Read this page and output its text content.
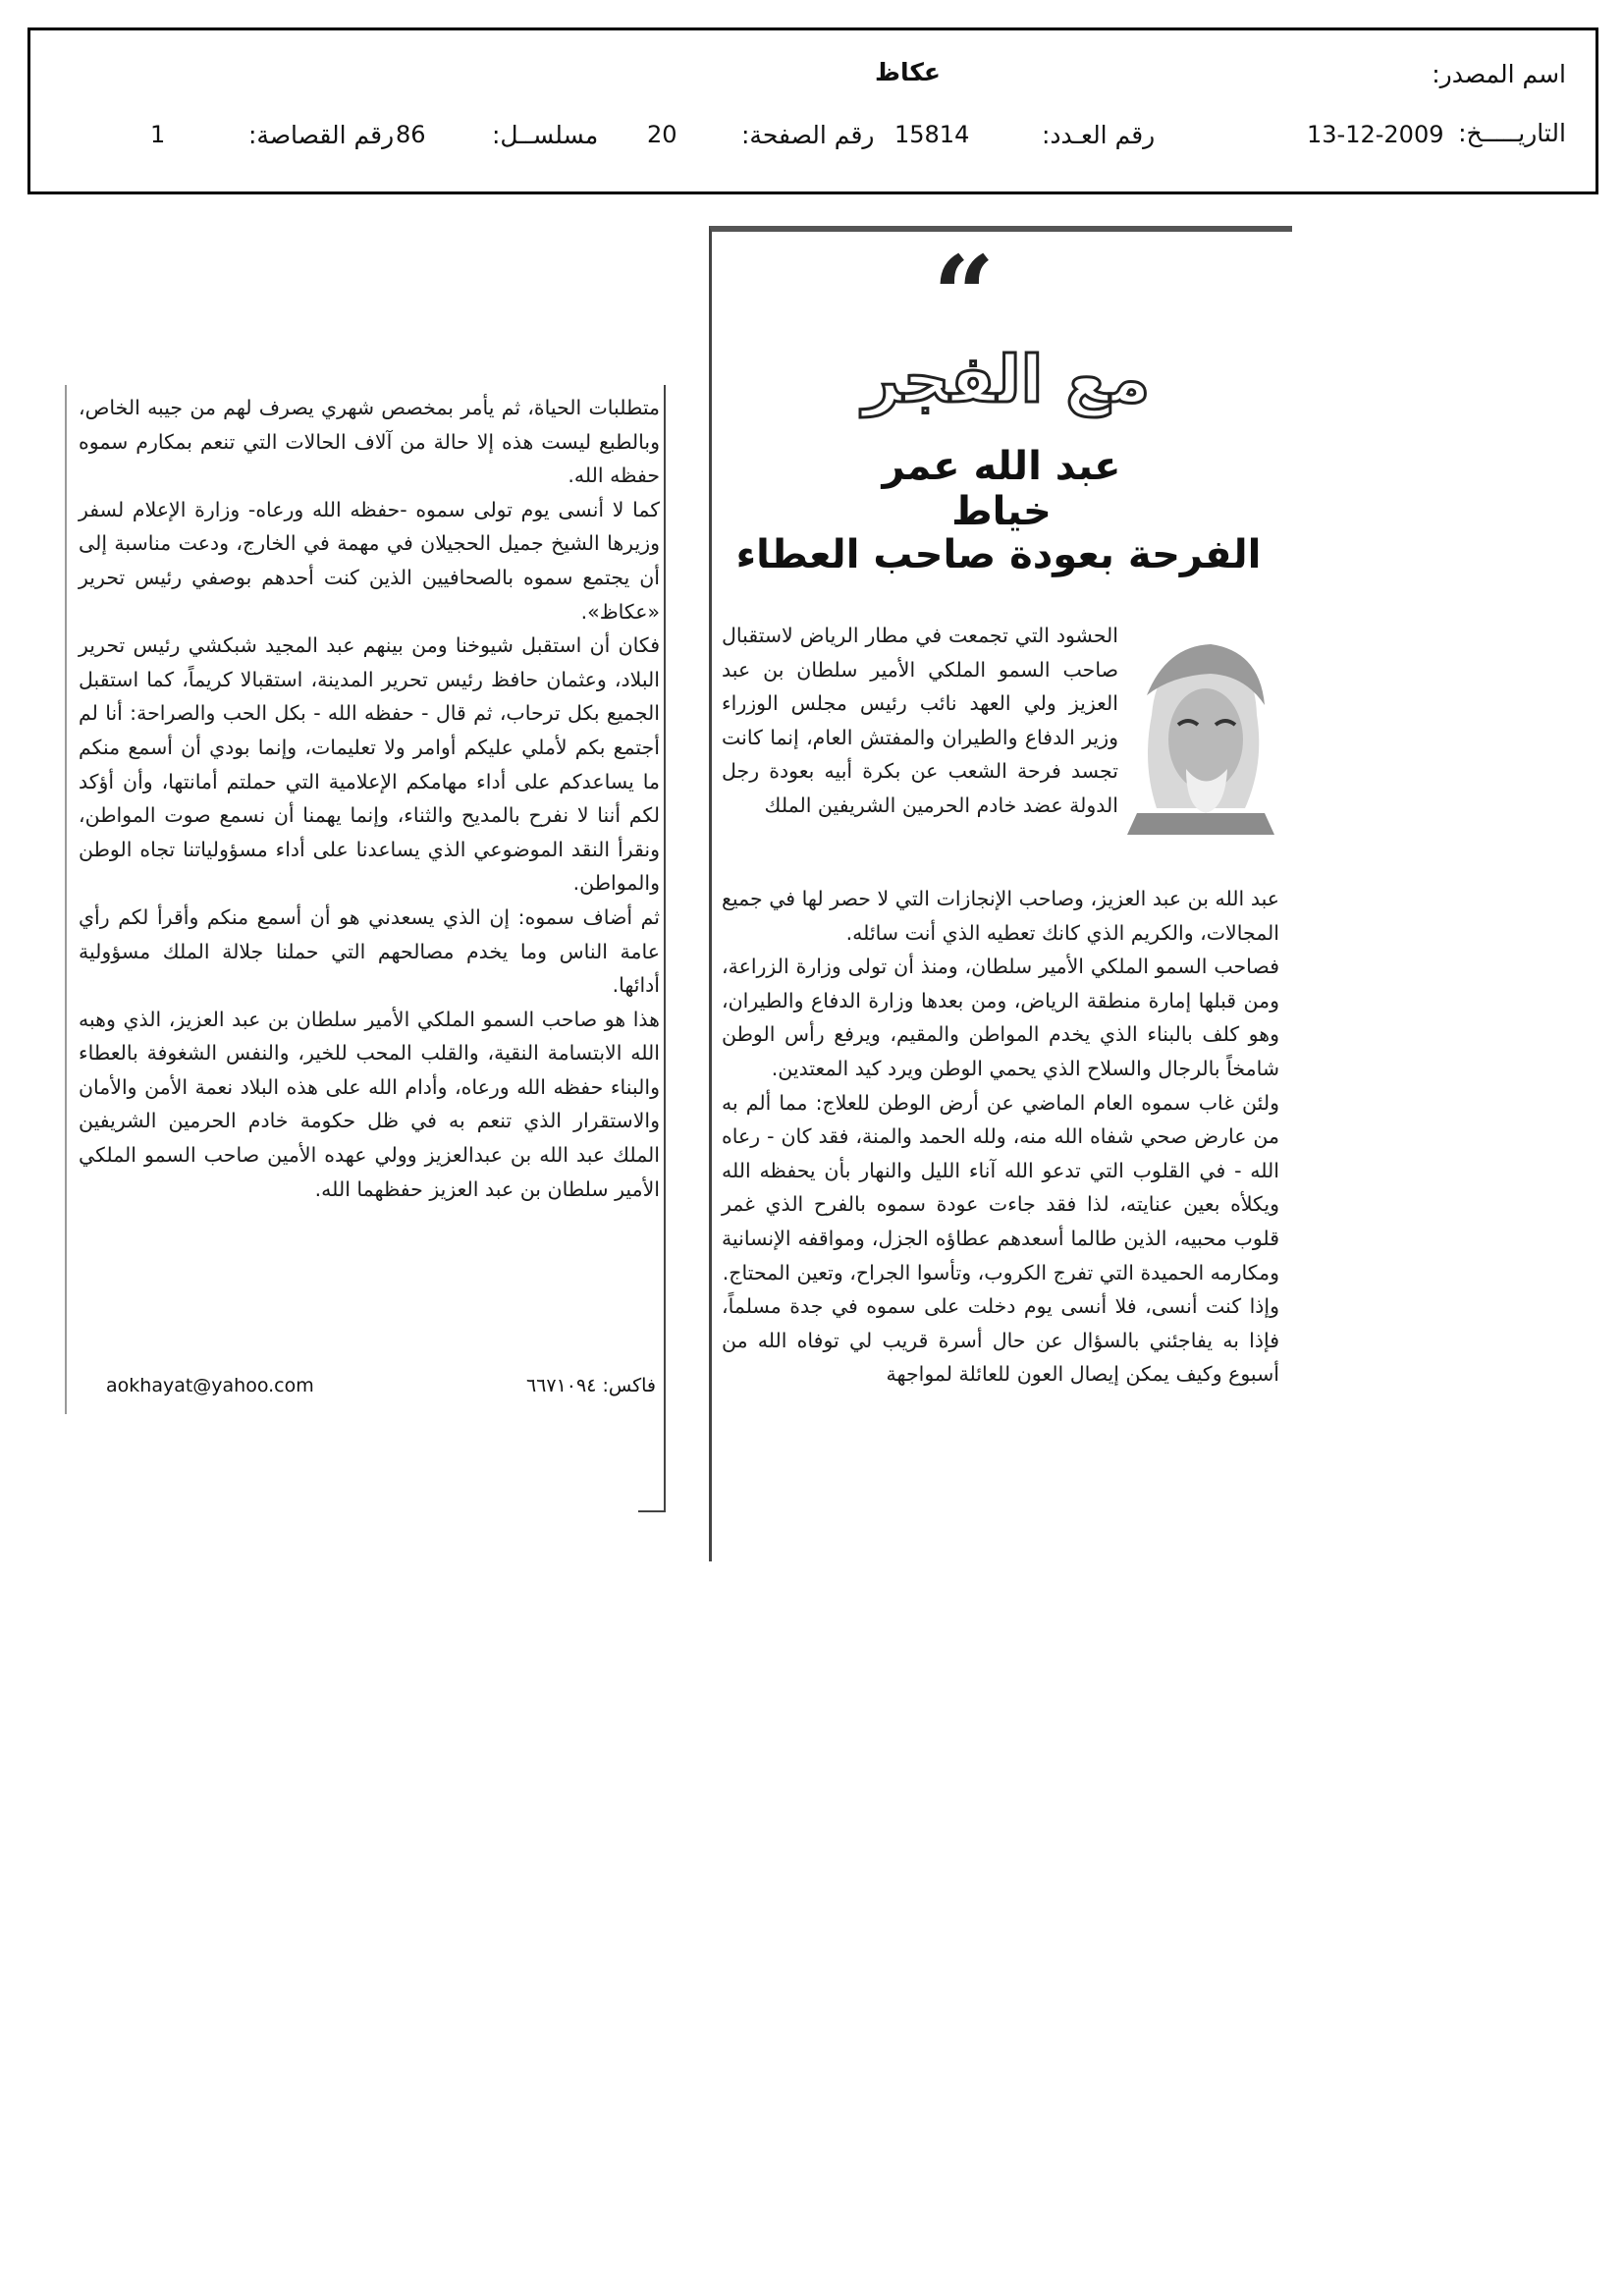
اسم المصدر:
عكاظ
التاريـــــخ:
13-12-2009
رقم العـدد:
15814
رقم الصفحة:
20
مسلســل:
86
رقم القصاصة:
1
“
مع الفجر
عبد الله عمر خياط
الفرحة بعودة صاحب العطاء

الحشود التي تجمعت في مطار الرياض لاستقبال صاحب السمو الملكي الأمير سلطان بن عبد العزيز ولي العهد نائب رئيس مجلس الوزراء وزير الدفاع والطيران والمفتش العام، إنما كانت تجسد فرحة الشعب عن بكرة أبيه بعودة رجل الدولة عضد خادم الحرمين الشريفين الملك

عبد الله بن عبد العزيز، وصاحب الإنجازات التي لا حصر لها في جميع المجالات، والكريم الذي كانك تعطيه الذي أنت سائله.

فصاحب السمو الملكي الأمير سلطان، ومنذ أن تولى وزارة الزراعة، ومن قبلها إمارة منطقة الرياض، ومن بعدها وزارة الدفاع والطيران، وهو كلف بالبناء الذي يخدم المواطن والمقيم، ويرفع رأس الوطن شامخاً بالرجال والسلاح الذي يحمي الوطن ويرد كيد المعتدين.

ولئن غاب سموه العام الماضي عن أرض الوطن للعلاج: مما ألم به من عارض صحي شفاه الله منه، ولله الحمد والمنة، فقد كان - رعاه الله - في القلوب التي تدعو الله آناء الليل والنهار بأن يحفظه الله ويكلأه بعين عنايته، لذا فقد جاءت عودة سموه بالفرح الذي غمر قلوب محبيه، الذين طالما أسعدهم عطاؤه الجزل، ومواقفه الإنسانية ومكارمه الحميدة التي تفرج الكروب، وتأسوا الجراح، وتعين المحتاج.

وإذا كنت أنسى، فلا أنسى يوم دخلت على سموه في جدة مسلماً، فإذا به يفاجئني بالسؤال عن حال أسرة قريب لي توفاه الله من أسبوع وكيف يمكن إيصال العون للعائلة لمواجهة

متطلبات الحياة، ثم يأمر بمخصص شهري يصرف لهم من جيبه الخاص، وبالطبع ليست هذه إلا حالة من آلاف الحالات التي تنعم بمكارم سموه حفظه الله.

كما لا أنسى يوم تولى سموه -حفظه الله ورعاه- وزارة الإعلام لسفر وزيرها الشيخ جميل الحجيلان في مهمة في الخارج، ودعت مناسبة إلى أن يجتمع سموه بالصحافيين الذين كنت أحدهم بوصفي رئيس تحرير «عكاظ».

فكان أن استقبل شيوخنا ومن بينهم عبد المجيد شبكشي رئيس تحرير البلاد، وعثمان حافظ رئيس تحرير المدينة، استقبالا كريماً، كما استقبل الجميع بكل ترحاب، ثم قال - حفظه الله - بكل الحب والصراحة: أنا لم أجتمع بكم لأملي عليكم أوامر ولا تعليمات، وإنما بودي أن أسمع منكم ما يساعدكم على أداء مهامكم الإعلامية التي حملتم أمانتها، وأن أؤكد لكم أننا لا نفرح بالمديح والثناء، وإنما يهمنا أن نسمع صوت المواطن، ونقرأ النقد الموضوعي الذي يساعدنا على أداء مسؤولياتنا تجاه الوطن والمواطن.

ثم أضاف سموه: إن الذي يسعدني هو أن أسمع منكم وأقرأ لكم رأي عامة الناس وما يخدم مصالحهم التي حملنا جلالة الملك مسؤولية أدائها.

هذا هو صاحب السمو الملكي الأمير سلطان بن عبد العزيز، الذي وهبه الله الابتسامة النقية، والقلب المحب للخير، والنفس الشغوفة بالعطاء والبناء حفظه الله ورعاه، وأدام الله على هذه البلاد نعمة الأمن والأمان والاستقرار الذي تنعم به في ظل حكومة خادم الحرمين الشريفين الملك عبد الله بن عبدالعزيز وولي عهده الأمين صاحب السمو الملكي الأمير سلطان بن عبد العزيز حفظهما الله.

aokhayat@yahoo.com	فاكس: ٦٦٧١٠٩٤
